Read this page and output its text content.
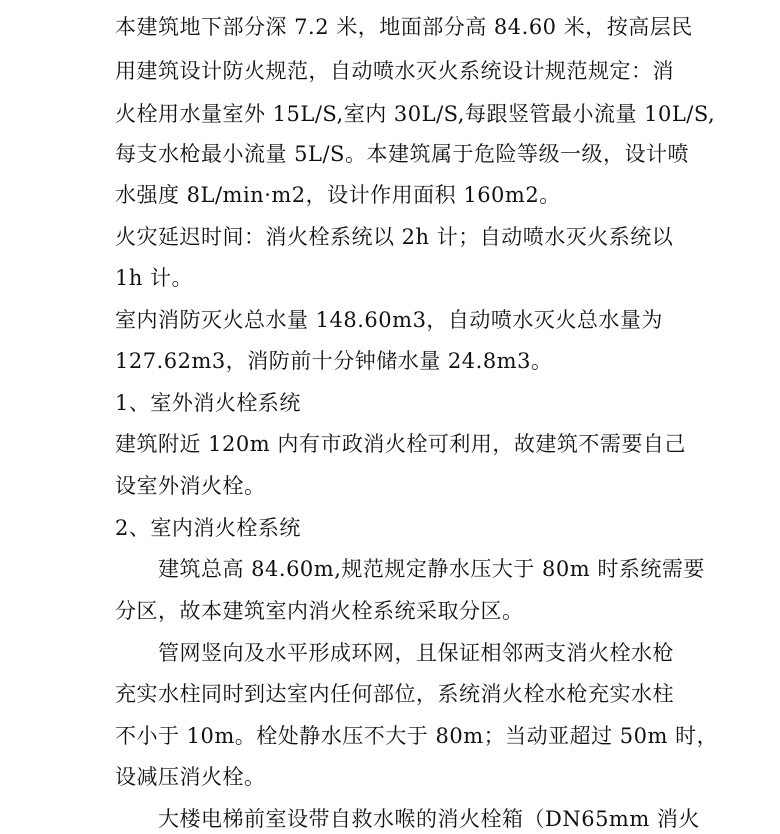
本建筑地下部分深 7.2 米，地面部分高 84.60 米，按高层民
用建筑设计防火规范，自动喷水灭火系统设计规范规定：消
火栓用水量室外 15L/S,室内 30L/S,每跟竖管最小流量 10L/S,
每支水枪最小流量 5L/S。本建筑属于危险等级一级，设计喷
水强度 8L/min·m2，设计作用面积 160m2。
火灾延迟时间：消火栓系统以 2h 计；自动喷水灭火系统以
1h 计。
室内消防灭火总水量 148.60m3，自动喷水灭火总水量为
127.62m3，消防前十分钟储水量 24.8m3。
1、室外消火栓系统
建筑附近 120m 内有市政消火栓可利用，故建筑不需要自己
设室外消火栓。
2、室内消火栓系统
建筑总高 84.60m,规范规定静水压大于 80m 时系统需要
分区，故本建筑室内消火栓系统采取分区。
管网竖向及水平形成环网，且保证相邻两支消火栓水枪
充实水柱同时到达室内任何部位，系统消火栓水枪充实水柱
不小于 10m。栓处静水压不大于 80m；当动亚超过 50m 时，
设减压消火栓。
大楼电梯前室设带自救水喉的消火栓箱（DN65mm 消火
